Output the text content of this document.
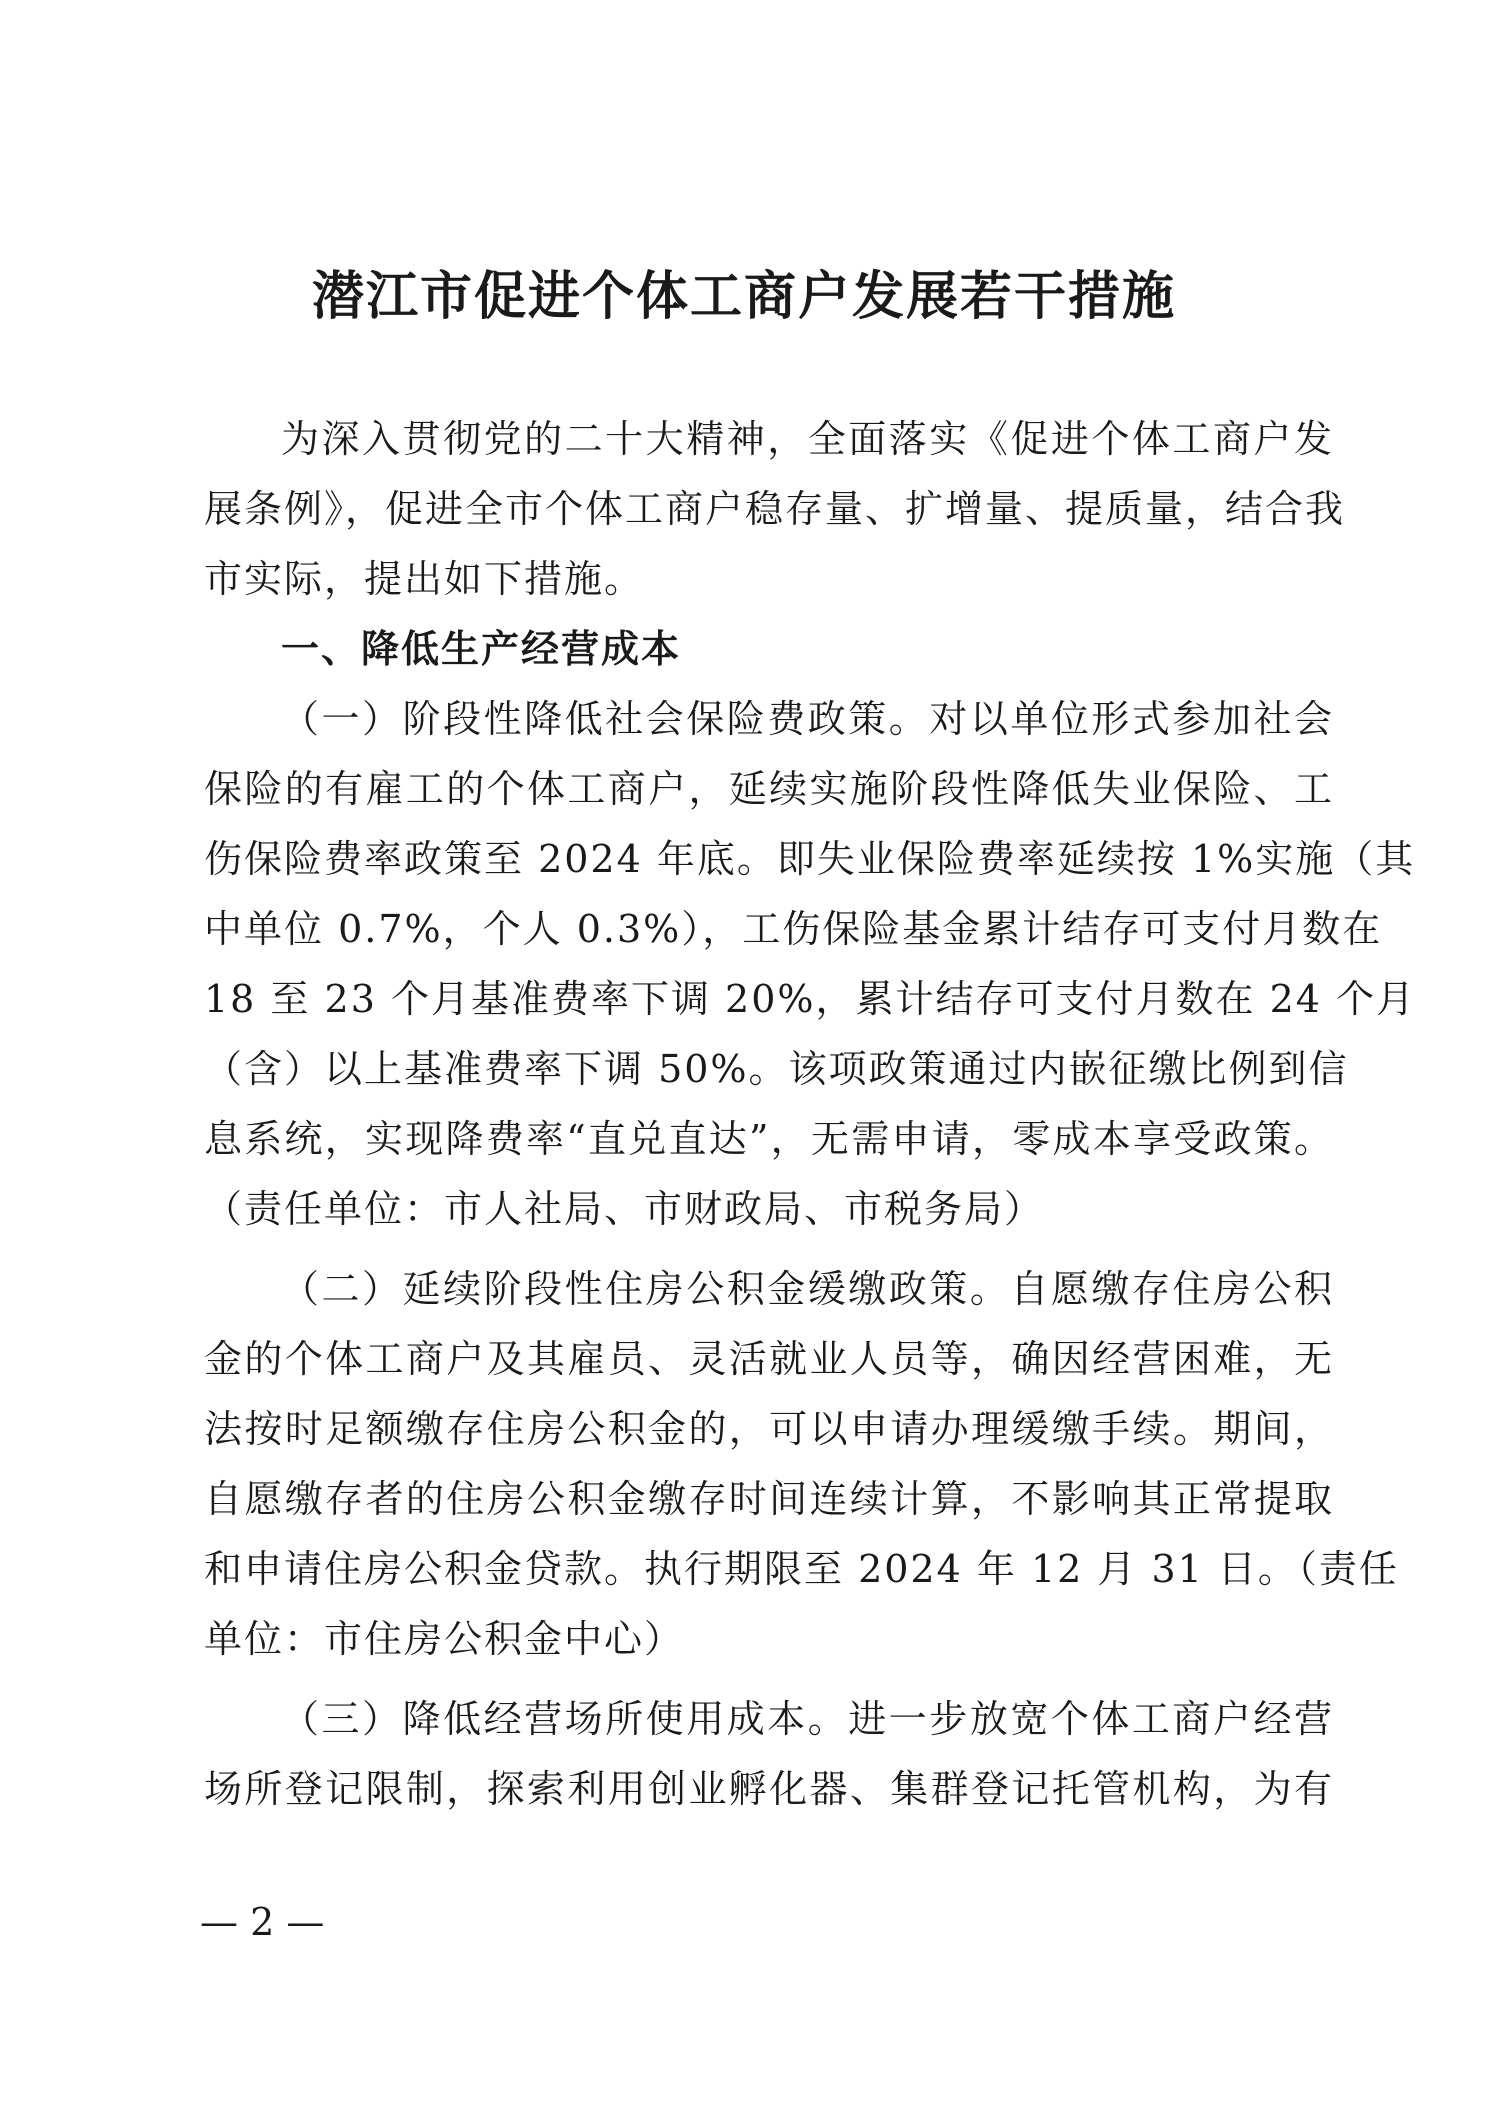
潜江市促进个体工商户发展若干措施
为深入贯彻党的二十大精神，全面落实《促进个体工商户发
展条例》，促进全市个体工商户稳存量、扩增量、提质量，结合我
市实际，提出如下措施。
一、降低生产经营成本
（一）阶段性降低社会保险费政策。对以单位形式参加社会
保险的有雇工的个体工商户，延续实施阶段性降低失业保险、工
伤保险费率政策至 2024 年底。即失业保险费率延续按 1%实施（其
中单位 0.7%，个人 0.3%），工伤保险基金累计结存可支付月数在
18 至 23 个月基准费率下调 20%，累计结存可支付月数在 24 个月
（含）以上基准费率下调 50%。该项政策通过内嵌征缴比例到信
息系统，实现降费率“直兑直达”，无需申请，零成本享受政策。
（责任单位：市人社局、市财政局、市税务局）
（二）延续阶段性住房公积金缓缴政策。自愿缴存住房公积
金的个体工商户及其雇员、灵活就业人员等，确因经营困难，无
法按时足额缴存住房公积金的，可以申请办理缓缴手续。期间，
自愿缴存者的住房公积金缴存时间连续计算，不影响其正常提取
和申请住房公积金贷款。执行期限至 2024 年 12 月 31 日。（责任
单位：市住房公积金中心）
（三）降低经营场所使用成本。进一步放宽个体工商户经营
场所登记限制，探索利用创业孵化器、集群登记托管机构，为有
— 2 —
